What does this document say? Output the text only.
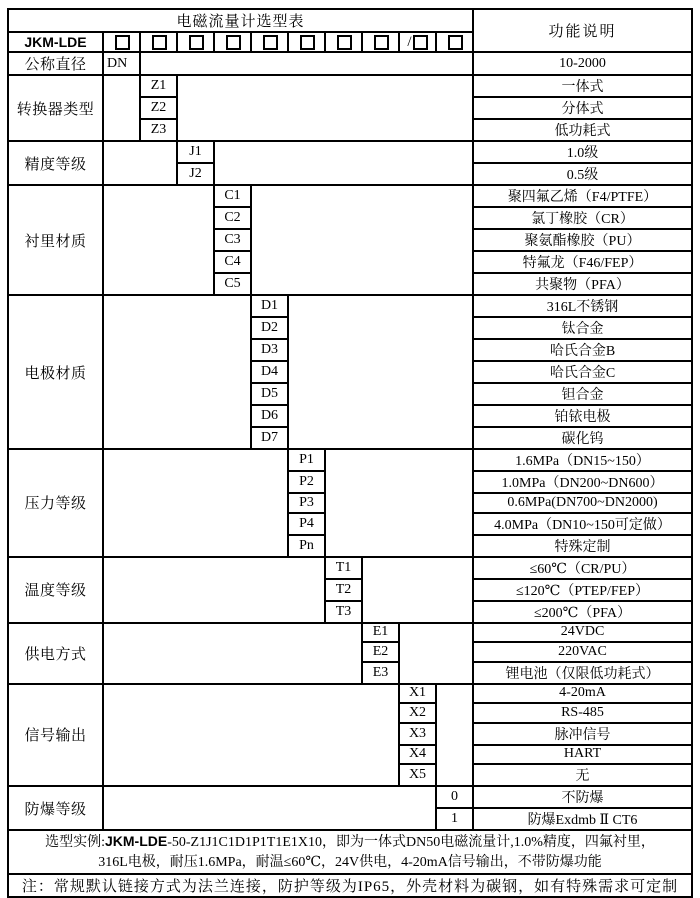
电磁流量计选型表											功能说明
JKM-LDE									/		
公称直径	DN										10-2000
转换器类型		Z1									一体式
		Z2									分体式
		Z3									低功耗式
精度等级			J1								1.0级
			J2								0.5级
衬里材质				C1							聚四氟乙烯（F4/PTFE）
				C2							氯丁橡胶（CR）
				C3							聚氨酯橡胶（PU）
				C4							特氟龙（F46/FEP）
				C5							共聚物（PFA）
电极材质					D1						316L不锈钢
					D2						钛合金
					D3						哈氏合金B
					D4						哈氏合金C
					D5						钽合金
					D6						铂铱电极
					D7						碳化钨
压力等级						P1					1.6MPa（DN15~150）
						P2					1.0MPa（DN200~DN600）
						P3					0.6MPa(DN700~DN2000)
						P4					4.0MPa（DN10~150可定做）
						Pn					特殊定制
温度等级							T1				≤60℃（CR/PU）
							T2				≤120℃（PTEP/FEP）
							T3				≤200℃（PFA）
供电方式								E1			24VDC
								E2			220VAC
								E3			锂电池（仅限低功耗式）
信号输出									X1		4-20mA
									X2		RS-485
									X3		脉冲信号
									X4		HART
									X5		无
防爆等级										0	不防爆
										1	防爆Exdmb Ⅱ CT6

选型实例:JKM-LDE-50-Z1J1C1D1P1T1E1X10，即为一体式DN50电磁流量计,1.0%精度，四氟衬里，
316L电极，耐压1.6MPa，耐温≤60℃，24V供电，4-20mA信号输出，不带防爆功能											

注：常规默认链接方式为法兰连接，防护等级为IP65，外壳材料为碳钢，如有特殊需求可定制											
